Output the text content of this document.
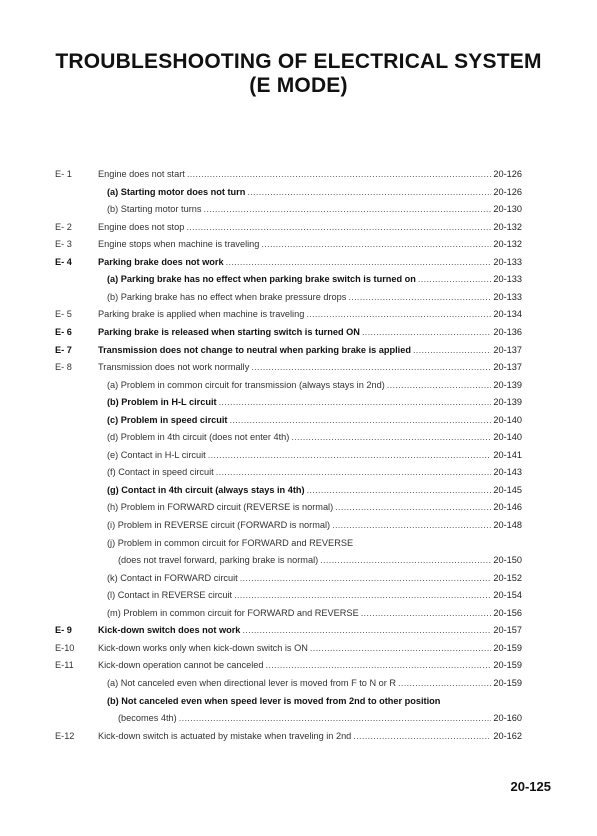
TROUBLESHOOTING OF ELECTRICAL SYSTEM
(E MODE)
E- 1	Engine does not start .....	20-126
(a) Starting motor does not turn .....	20-126
(b) Starting motor turns .....	20-130
E- 2	Engine does not stop .....	20-132
E- 3	Engine stops when machine is traveling .....	20-132
E- 4	Parking brake does not work .....	20-133
(a) Parking brake has no effect when parking brake switch is turned on .....	20-133
(b) Parking brake has no effect when brake pressure drops .....	20-133
E- 5	Parking brake is applied when machine is traveling .....	20-134
E- 6	Parking brake is released when starting switch is turned ON .....	20-136
E- 7	Transmission does not change to neutral when parking brake is applied .....	20-137
E- 8	Transmission does not work normally .....	20-137
(a) Problem in common circuit for transmission (always stays in 2nd) .....	20-139
(b) Problem in H-L circuit .....	20-139
(c) Problem in speed circuit .....	20-140
(d) Problem in 4th circuit (does not enter 4th) .....	20-140
(e) Contact in H-L circuit .....	20-141
(f) Contact in speed circuit .....	20-143
(g) Contact in 4th circuit (always stays in 4th) .....	20-145
(h) Problem in FORWARD circuit (REVERSE is normal) .....	20-146
(i) Problem in REVERSE circuit (FORWARD is normal) .....	20-148
(j) Problem in common circuit for FORWARD and REVERSE
(does not travel forward, parking brake is normal) .....	20-150
(k) Contact in FORWARD circuit .....	20-152
(l) Contact in REVERSE circuit .....	20-154
(m) Problem in common circuit for FORWARD and REVERSE .....	20-156
E- 9	Kick-down switch does not work .....	20-157
E-10	Kick-down works only when kick-down switch is ON .....	20-159
E-11	Kick-down operation cannot be canceled .....	20-159
(a) Not canceled even when directional lever is moved from F to N or R .....	20-159
(b) Not canceled even when speed lever is moved from 2nd to other position
(becomes 4th) .....	20-160
E-12	Kick-down switch is actuated by mistake when traveling in 2nd .....	20-162
20-125
